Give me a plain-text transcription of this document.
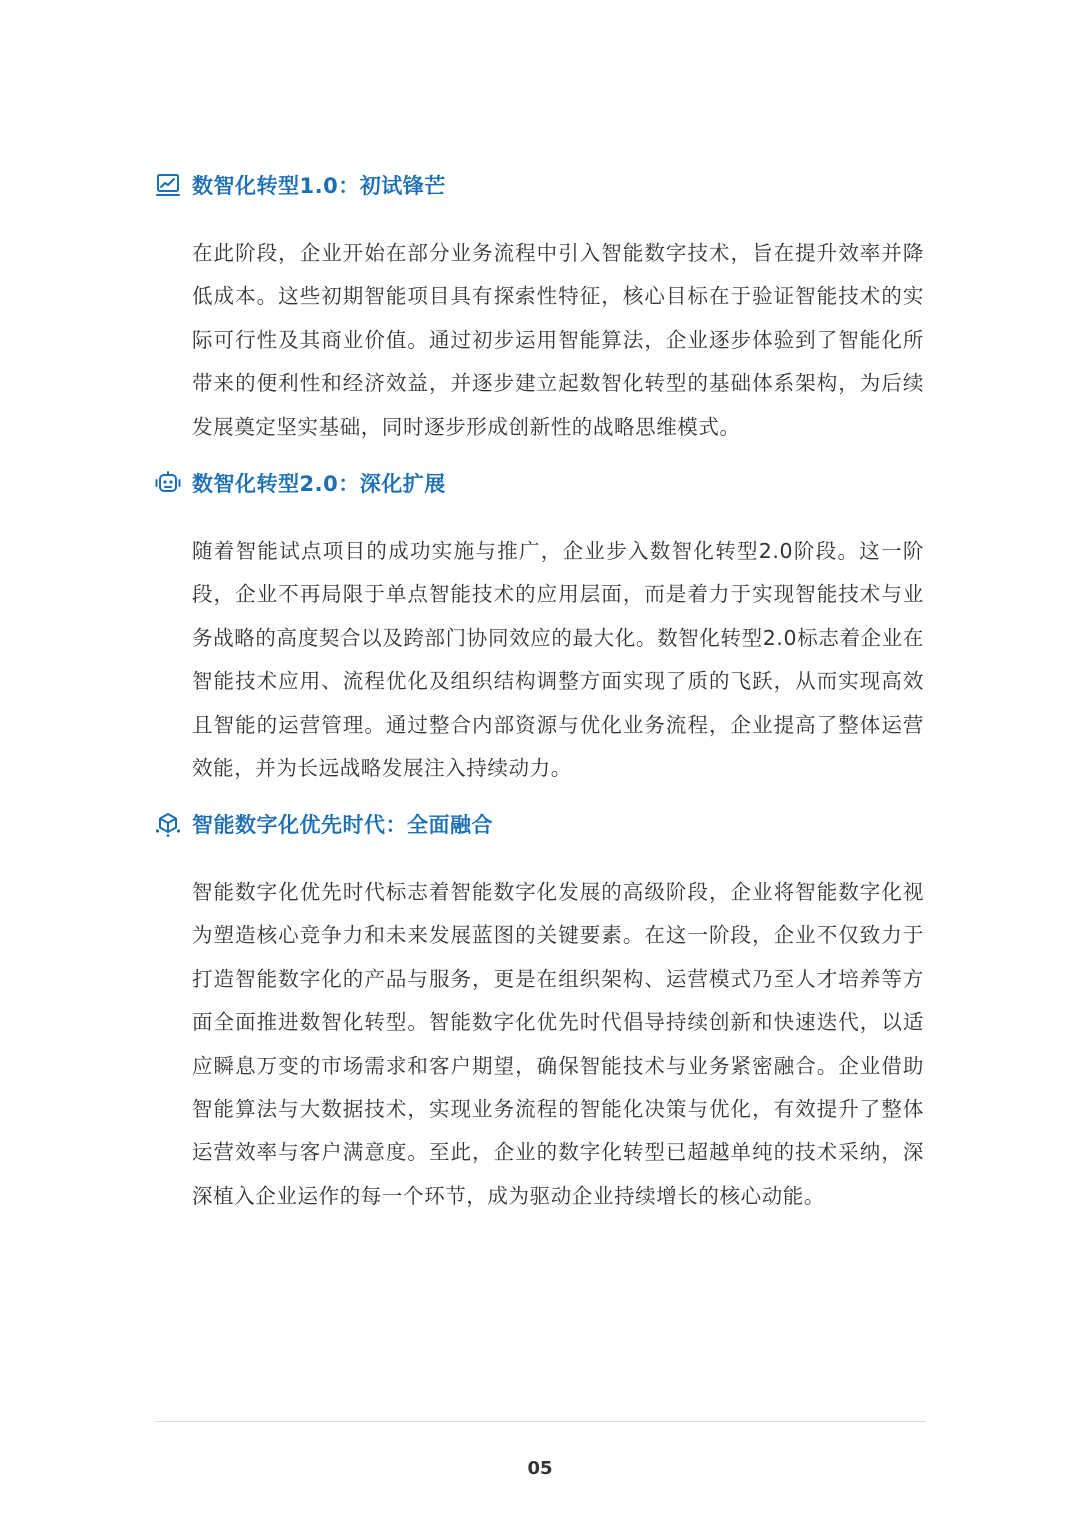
数智化转型1.0：初试锋芒
在此阶段，企业开始在部分业务流程中引入智能数字技术，旨在提升效率并降低成本。这些初期智能项目具有探索性特征，核心目标在于验证智能技术的实际可行性及其商业价值。通过初步运用智能算法，企业逐步体验到了智能化所带来的便利性和经济效益，并逐步建立起数智化转型的基础体系架构，为后续发展奠定坚实基础，同时逐步形成创新性的战略思维模式。
数智化转型2.0：深化扩展
随着智能试点项目的成功实施与推广，企业步入数智化转型2.0阶段。这一阶段，企业不再局限于单点智能技术的应用层面，而是着力于实现智能技术与业务战略的高度契合以及跨部门协同效应的最大化。数智化转型2.0标志着企业在智能技术应用、流程优化及组织结构调整方面实现了质的飞跃，从而实现高效且智能的运营管理。通过整合内部资源与优化业务流程，企业提高了整体运营效能，并为长远战略发展注入持续动力。
智能数字化优先时代：全面融合
智能数字化优先时代标志着智能数字化发展的高级阶段，企业将智能数字化视为塑造核心竞争力和未来发展蓝图的关键要素。在这一阶段，企业不仅致力于打造智能数字化的产品与服务，更是在组织架构、运营模式乃至人才培养等方面全面推进数智化转型。智能数字化优先时代倡导持续创新和快速迭代，以适应瞬息万变的市场需求和客户期望，确保智能技术与业务紧密融合。企业借助智能算法与大数据技术，实现业务流程的智能化决策与优化，有效提升了整体运营效率与客户满意度。至此，企业的数字化转型已超越单纯的技术采纳，深深植入企业运作的每一个环节，成为驱动企业持续增长的核心动能。
05
